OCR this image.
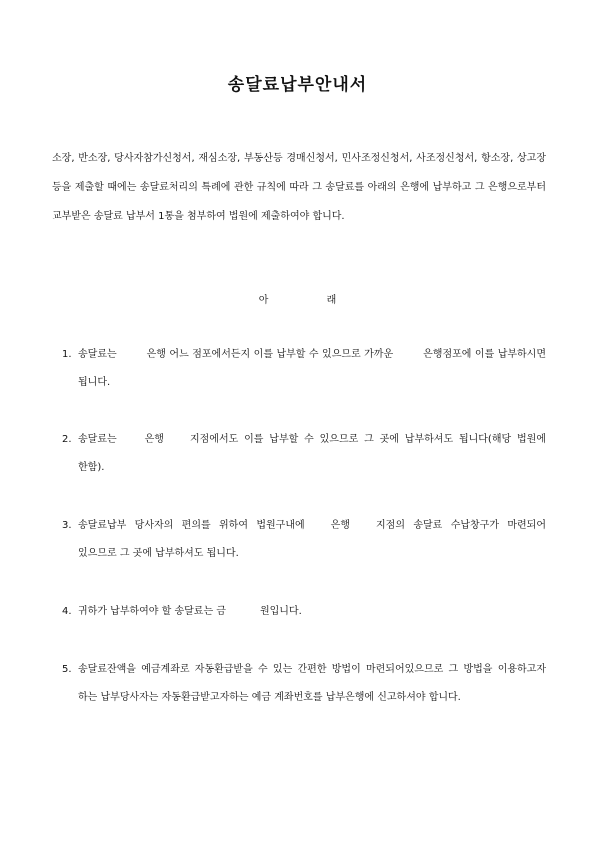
송달료납부안내서
소장, 반소장, 당사자참가신청서, 재심소장, 부동산등 경매신청서, 민사조정신청서, 사조정신청서, 항소장, 상고장 등을 제출할 때에는 송달료처리의 특례에 관한 규칙에 따라 그 송달료를 아래의 은행에 납부하고 그 은행으로부터 교부받은 송달료 납부서 1통을 첨부하여 법원에 제출하여야 합니다.
아 래
1. 송달료는	은행 어느 점포에서든지 이를 납부할 수 있으므로 가까운	은행점포에 이를 납부하시면 됩니다.
2. 송달료는	은행	지점에서도 이를 납부할 수 있으므로 그 곳에 납부하셔도 됩니다(해당 법원에 한함).
3. 송달료납부 당사자의 편의를 위하여 법원구내에	은행	지점의 송달료 수납창구가 마련되어 있으므로 그 곳에 납부하셔도 됩니다.
4. 귀하가 납부하여야 할 송달료는 금	원입니다.
5. 송달료잔액을 예금계좌로 자동환급받을 수 있는 간편한 방법이 마련되어있으므로 그 방법을 이용하고자 하는 납부당사자는 자동환급받고자하는 예금 계좌번호를 납부은행에 신고하셔야 합니다.
